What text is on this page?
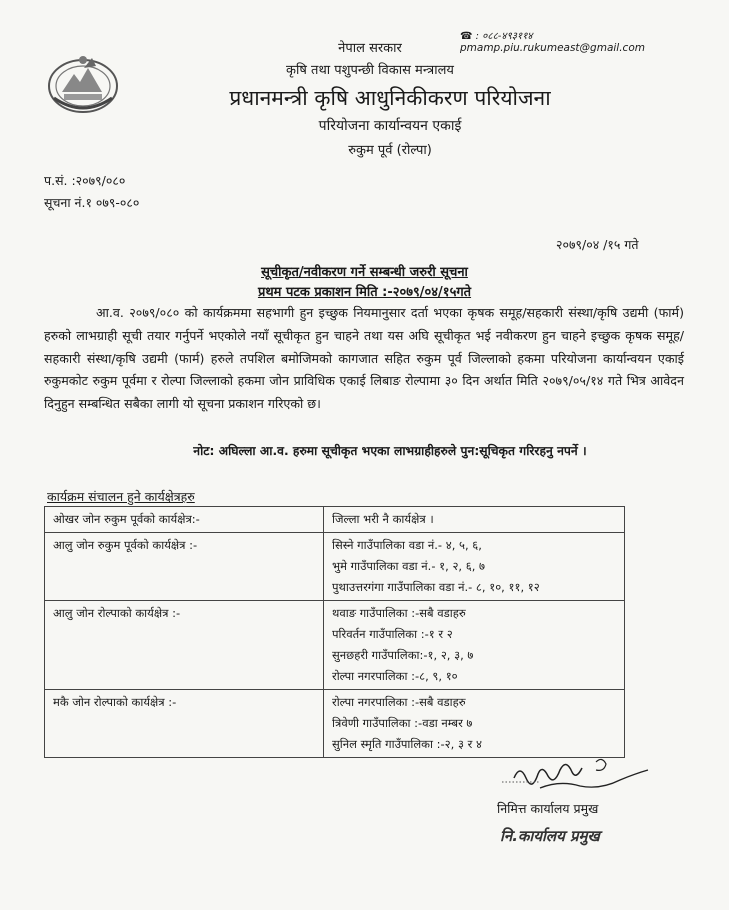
नेपाल सरकार
कृषि तथा पशुपन्छी विकास मन्त्रालय
प्रधानमन्त्री कृषि आधुनिकीकरण परियोजना
परियोजना कार्यान्वयन एकाई
रुकुम पूर्व (रोल्पा)
☎ : ०८८-४९३११४
pmamp.piu.rukumeast@gmail.com
प.सं. :२०७९/०८०
सूचना नं.१ ०७९-०८०
२०७९/०४ /१५ गते
सूचीकृत/नवीकरण गर्ने सम्बन्धी जरुरी सूचना
प्रथम पटक प्रकाशन मिति :-२०७९/०४/१५गते
आ.व. २०७९/०८० को कार्यक्रममा सहभागी हुन इच्छुक नियमानुसार दर्ता भएका कृषक समूह/सहकारी संस्था/कृषि उद्यमी (फार्म) हरुको लाभग्राही सूची तयार गर्नुपर्ने भएकोले नयाँ सूचीकृत हुन चाहने तथा यस अघि सूचीकृत भई नवीकरण हुन चाहने इच्छुक कृषक समूह/सहकारी संस्था/कृषि उद्यमी (फार्म) हरुले तपशिल बमोजिमको कागजात सहित रुकुम पूर्व जिल्लाको हकमा परियोजना कार्यान्वयन एकाई रुकुमकोट रुकुम पूर्वमा र रोल्पा जिल्लाको हकमा जोन प्राविधिक एकाई लिबाङ रोल्पामा ३० दिन अर्थात मिति २०७९/०५/१४ गते भित्र आवेदन दिनुहुन सम्बन्धित सबैका लागी यो सूचना प्रकाशन गरिएको छ।
नोट: अघिल्ला आ.व. हरुमा सूचीकृत भएका लाभग्राहीहरुले पुन:सूचिकृत गरिरहनु नपर्ने ।
कार्यक्रम संचालन हुने कार्यक्षेत्रहरु
ओखर जोन रुकुम पूर्वको कार्यक्षेत्र:-	जिल्ला भरी नै कार्यक्षेत्र ।

आलु जोन रुकुम पूर्वको कार्यक्षेत्र :-	सिस्ने गाउँपालिका वडा नं.- ४, ५, ६,
भुमे गाउँपालिका वडा नं.- १, २, ६, ७
पुथाउत्तरगंगा गाउँपालिका वडा नं.- ८, १०, ११, १२

आलु जोन रोल्पाको कार्यक्षेत्र :-	थवाङ गाउँपालिका :-सबै वडाहरु
परिवर्तन गाउँपालिका :-१ र २
सुनछहरी गाउँपालिका:-१, २, ३, ७
रोल्पा नगरपालिका :-८, ९, १०

मकै जोन रोल्पाको कार्यक्षेत्र :-	रोल्पा नगरपालिका :-सबै वडाहरु
त्रिवेणी गाउँपालिका :-वडा नम्बर ७
सुनिल स्मृति गाउँपालिका :-२, ३ र ४
निमित्त कार्यालय प्रमुख
नि.कार्यालय प्रमुख
